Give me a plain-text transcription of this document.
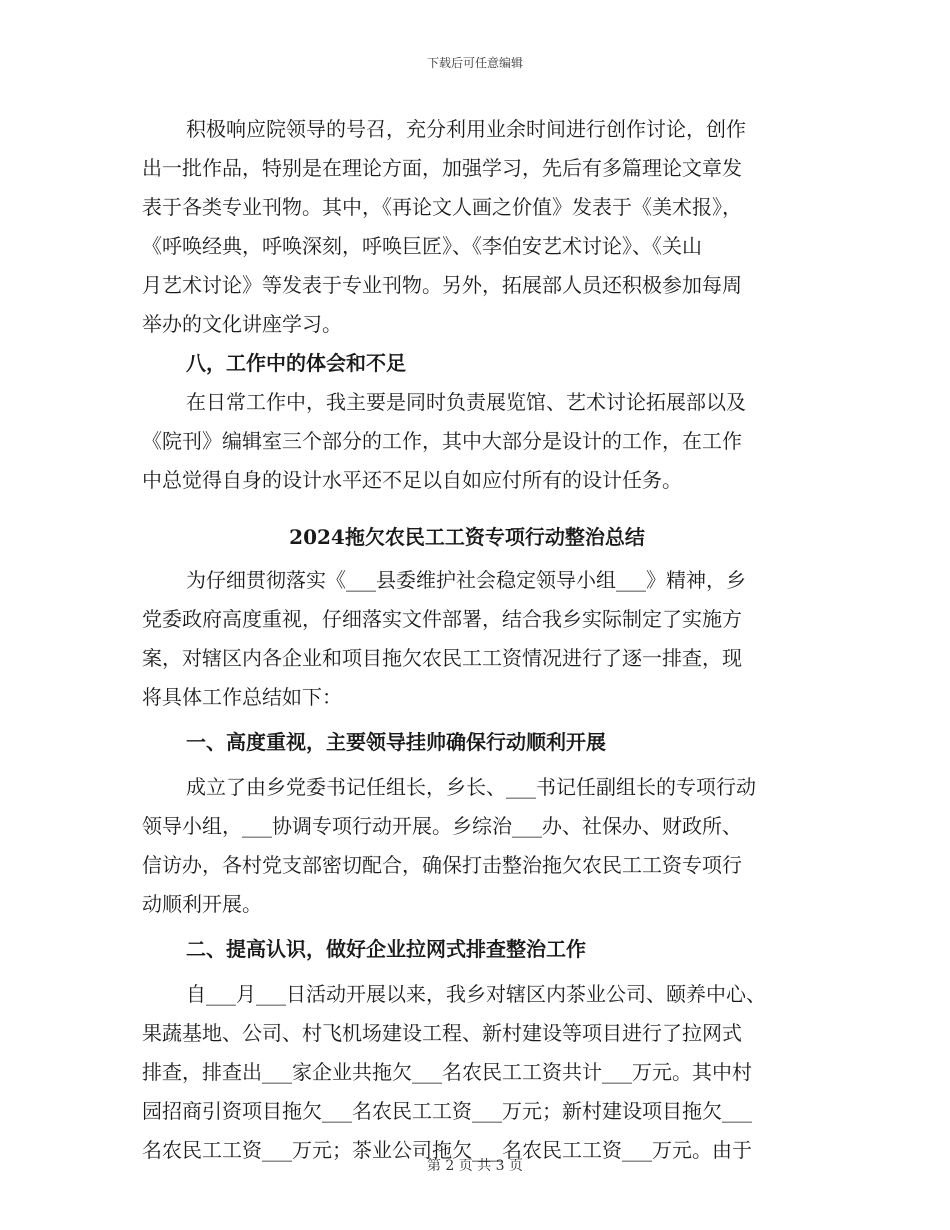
下载后可任意编辑
积极响应院领导的号召，充分利用业余时间进行创作讨论，创作
出一批作品，特别是在理论方面，加强学习，先后有多篇理论文章发
表于各类专业刊物。其中，《再论文人画之价值》发表于《美术报》，
《呼唤经典，呼唤深刻，呼唤巨匠》、《李伯安艺术讨论》、《关山
月艺术讨论》等发表于专业刊物。另外，拓展部人员还积极参加每周
举办的文化讲座学习。
八，工作中的体会和不足
在日常工作中，我主要是同时负责展览馆、艺术讨论拓展部以及
《院刊》编辑室三个部分的工作，其中大部分是设计的工作，在工作
中总觉得自身的设计水平还不足以自如应付所有的设计任务。
2024拖欠农民工工资专项行动整治总结
为仔细贯彻落实《___县委维护社会稳定领导小组___》精神，乡
党委政府高度重视，仔细落实文件部署，结合我乡实际制定了实施方
案，对辖区内各企业和项目拖欠农民工工资情况进行了逐一排查，现
将具体工作总结如下：
一、高度重视，主要领导挂帅确保行动顺利开展
成立了由乡党委书记任组长，乡长、___书记任副组长的专项行动
领导小组，___协调专项行动开展。乡综治___办、社保办、财政所、
信访办，各村党支部密切配合，确保打击整治拖欠农民工工资专项行
动顺利开展。
二、提高认识，做好企业拉网式排查整治工作
自___月___日活动开展以来，我乡对辖区内茶业公司、颐养中心、
果蔬基地、公司、村飞机场建设工程、新村建设等项目进行了拉网式
排查，排查出___家企业共拖欠___名农民工工资共计___万元。其中村
园招商引资项目拖欠___名农民工工资___万元；新村建设项目拖欠___
名农民工工资___万元；茶业公司拖欠___名农民工工资___万元。由于
第 2 页 共 3 页
